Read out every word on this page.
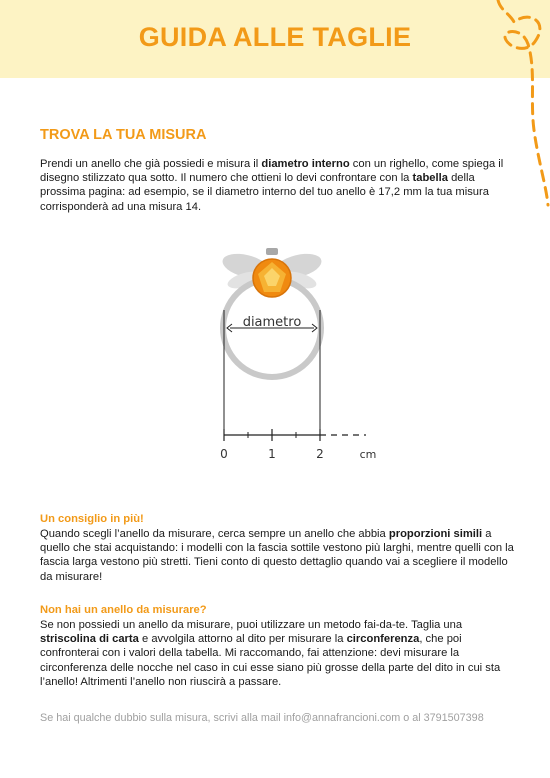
GUIDA ALLE TAGLIE
TROVA LA TUA MISURA
Prendi un anello che già possiedi e misura il diametro interno con un righello, come spiega il disegno stilizzato qua sotto. Il numero che ottieni lo devi confrontare con la tabella della prossima pagina: ad esempio, se il diametro interno del tuo anello è 17,2 mm la tua misura corrisponderà ad una misura 14.
diametro
0	1	2	cm
Un consiglio in più!
Quando scegli l’anello da misurare, cerca sempre un anello che abbia proporzioni simili a quello che stai acquistando: i modelli con la fascia sottile vestono più larghi, mentre quelli con la fascia larga vestono più stretti. Tieni conto di questo dettaglio quando vai a scegliere il modello da misurare!
Non hai un anello da misurare?
Se non possiedi un anello da misurare, puoi utilizzare un metodo fai-da-te. Taglia una striscolina di carta e avvolgila attorno al dito per misurare la circonferenza, che poi confronterai con i valori della tabella. Mi raccomando, fai attenzione: devi misurare la circonferenza delle nocche nel caso in cui esse siano più grosse della parte del dito in cui sta l’anello! Altrimenti l’anello non riuscirà a passare.
Se hai qualche dubbio sulla misura, scrivi alla mail info@annafrancioni.com o al 3791507398
